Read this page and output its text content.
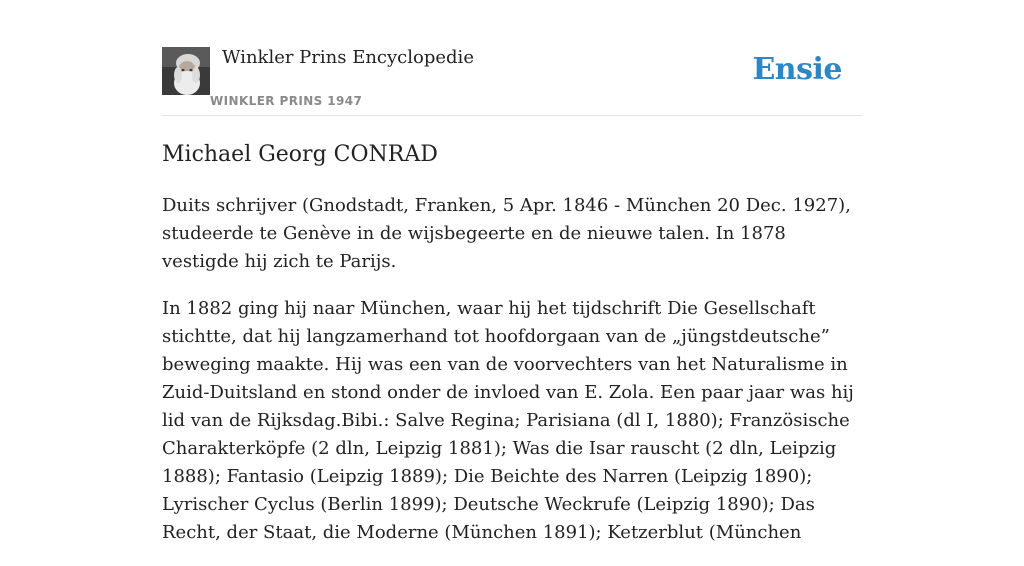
Winkler Prins Encyclopedie
WINKLER PRINS 1947
Ensie
Michael Georg CONRAD

Duits schrijver (Gnodstadt, Franken, 5 Apr. 1846 - München 20 Dec. 1927), studeerde te Genève in de wijsbegeerte en de nieuwe talen. In 1878 vestigde hij zich te Parijs.

In 1882 ging hij naar München, waar hij het tijdschrift Die Gesellschaft stichtte, dat hij langzamerhand tot hoofdorgaan van de „jüngstdeutsche” beweging maakte. Hij was een van de voorvechters van het Naturalisme in Zuid-Duitsland en stond onder de invloed van E. Zola. Een paar jaar was hij lid van de Rijksdag.Bibi.: Salve Regina; Parisiana (dl I, 1880); Französische Charakterköpfe (2 dln, Leipzig 1881); Was die Isar rauscht (2 dln, Leipzig 1888); Fantasio (Leipzig 1889); Die Beichte des Narren (Leipzig 1890); Lyrischer Cyclus (Berlin 1899); Deutsche Weckrufe (Leipzig 1890); Das Recht, der Staat, die Moderne (München 1891); Ketzerblut (München
